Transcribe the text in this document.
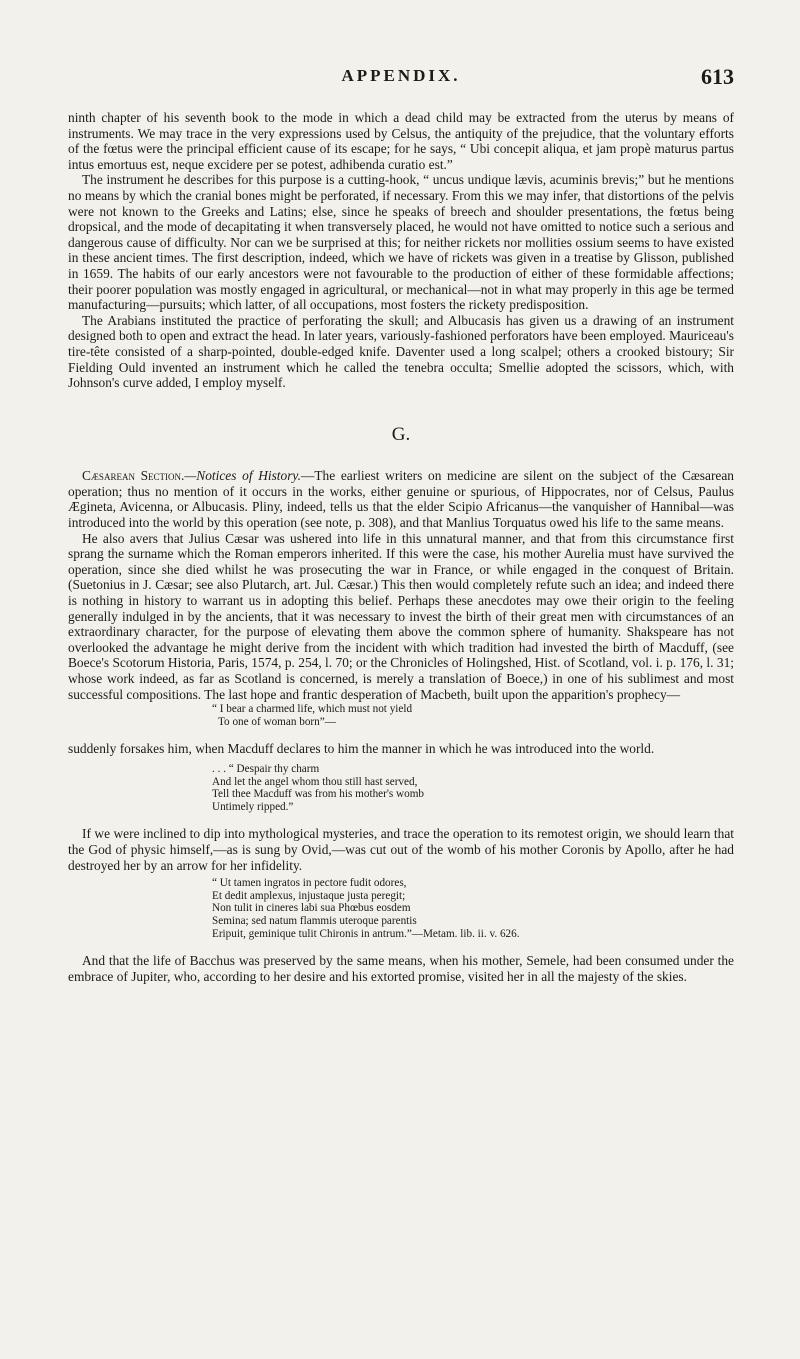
APPENDIX.	613

ninth chapter of his seventh book to the mode in which a dead child may be extracted from the uterus by means of instruments. We may trace in the very expressions used by Celsus, the antiquity of the prejudice, that the voluntary efforts of the fœtus were the principal efficient cause of its escape; for he says, “ Ubi concepit aliqua, et jam propè maturus partus intus emortuus est, neque excidere per se potest, adhibenda curatio est.”

The instrument he describes for this purpose is a cutting-hook, “ uncus undique lævis, acuminis brevis;” but he mentions no means by which the cranial bones might be perforated, if necessary. From this we may infer, that distortions of the pelvis were not known to the Greeks and Latins; else, since he speaks of breech and shoulder presentations, the fœtus being dropsical, and the mode of decapitating it when transversely placed, he would not have omitted to notice such a serious and dangerous cause of difficulty. Nor can we be surprised at this; for neither rickets nor mollities ossium seems to have existed in these ancient times. The first description, indeed, which we have of rickets was given in a treatise by Glisson, published in 1659. The habits of our early ancestors were not favourable to the production of either of these formidable affections; their poorer population was mostly engaged in agricultural, or mechanical—not in what may properly in this age be termed manufacturing—pursuits; which latter, of all occupations, most fosters the rickety predisposition.

The Arabians instituted the practice of perforating the skull; and Albucasis has given us a drawing of an instrument designed both to open and extract the head. In later years, variously-fashioned perforators have been employed. Mauriceau's tire-tête consisted of a sharp-pointed, double-edged knife. Daventer used a long scalpel; others a crooked bistoury; Sir Fielding Ould invented an instrument which he called the tenebra occulta; Smellie adopted the scissors, which, with Johnson's curve added, I employ myself.

G.

Cæsarean Section.—Notices of History.—The earliest writers on medicine are silent on the subject of the Cæsarean operation; thus no mention of it occurs in the works, either genuine or spurious, of Hippocrates, nor of Celsus, Paulus Ægineta, Avicenna, or Albucasis. Pliny, indeed, tells us that the elder Scipio Africanus—the vanquisher of Hannibal—was introduced into the world by this operation (see note, p. 308), and that Manlius Torquatus owed his life to the same means.

He also avers that Julius Cæsar was ushered into life in this unnatural manner, and that from this circumstance first sprang the surname which the Roman emperors inherited. If this were the case, his mother Aurelia must have survived the operation, since she died whilst he was prosecuting the war in France, or while engaged in the conquest of Britain. (Suetonius in J. Cæsar; see also Plutarch, art. Jul. Cæsar.) This then would completely refute such an idea; and indeed there is nothing in history to warrant us in adopting this belief. Perhaps these anecdotes may owe their origin to the feeling generally indulged in by the ancients, that it was necessary to invest the birth of their great men with circumstances of an extraordinary character, for the purpose of elevating them above the common sphere of humanity. Shakspeare has not overlooked the advantage he might derive from the incident with which tradition had invested the birth of Macduff, (see Boece's Scotorum Historia, Paris, 1574, p. 254, l. 70; or the Chronicles of Holingshed, Hist. of Scotland, vol. i. p. 176, l. 31; whose work indeed, as far as Scotland is concerned, is merely a translation of Boece,) in one of his sublimest and most successful compositions. The last hope and frantic desperation of Macbeth, built upon the apparition's prophecy—

“ I bear a charmed life, which must not yield
To one of woman born”—

suddenly forsakes him, when Macduff declares to him the manner in which he was introduced into the world.

. . . “ Despair thy charm
And let the angel whom thou still hast served,
Tell thee Macduff was from his mother's womb
Untimely ripped.”

If we were inclined to dip into mythological mysteries, and trace the operation to its remotest origin, we should learn that the God of physic himself,—as is sung by Ovid,—was cut out of the womb of his mother Coronis by Apollo, after he had destroyed her by an arrow for her infidelity.

“ Ut tamen ingratos in pectore fudit odores,
Et dedit amplexus, injustaque justa peregit;
Non tulit in cineres labi sua Phœbus eosdem
Semina; sed natum flammis uteroque parentis
Eripuit, geminique tulit Chironis in antrum.”—Metam. lib. ii. v. 626.

And that the life of Bacchus was preserved by the same means, when his mother, Semele, had been consumed under the embrace of Jupiter, who, according to her desire and his extorted promise, visited her in all the majesty of the skies.
